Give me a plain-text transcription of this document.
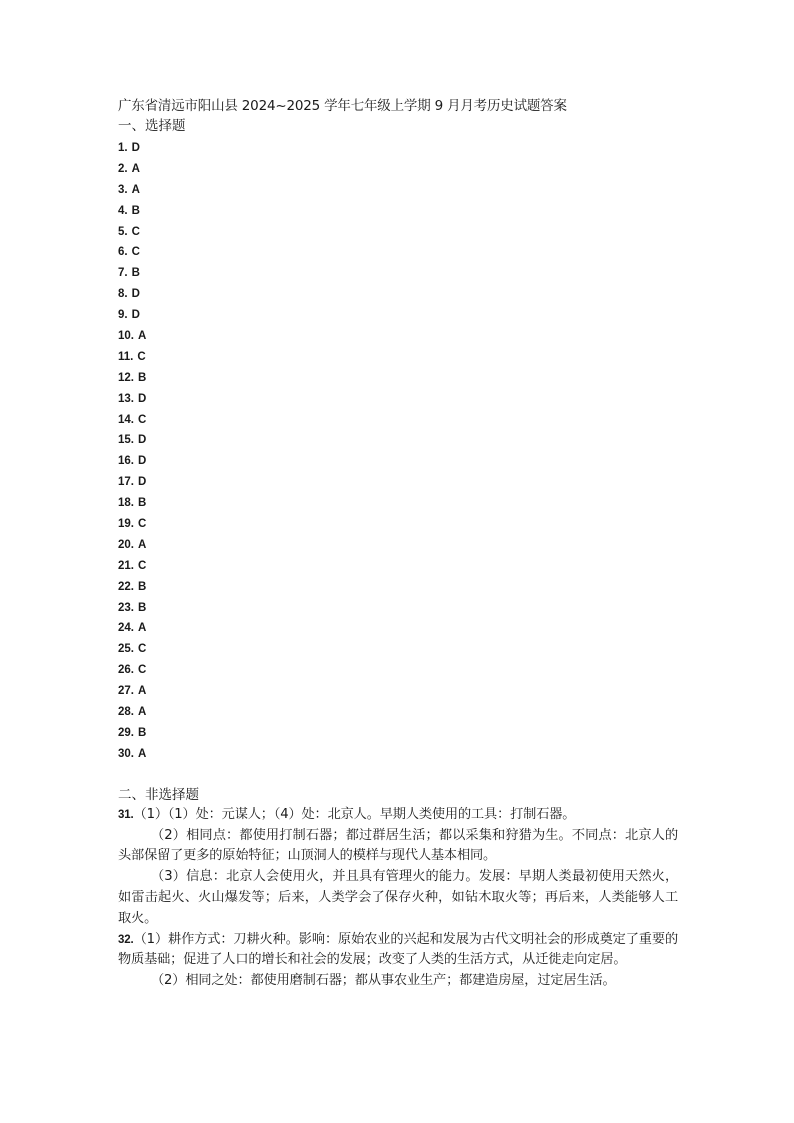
广东省清远市阳山县 2024~2025 学年七年级上学期 9 月月考历史试题答案
一、选择题
1. D
2. A
3. A
4. B
5. C
6. C
7. B
8. D
9. D
10. A
11. C
12. B
13. D
14. C
15. D
16. D
17. D
18. B
19. C
20. A
21. C
22. B
23. B
24. A
25. C
26. C
27. A
28. A
29. B
30. A
二、非选择题
31.（1）（1）处：元谋人；（4）处：北京人。早期人类使用的工具：打制石器。
（2）相同点：都使用打制石器；都过群居生活；都以采集和狩猎为生。不同点：北京人的头部保留了更多的原始特征；山顶洞人的模样与现代人基本相同。
（3）信息：北京人会使用火，并且具有管理火的能力。发展：早期人类最初使用天然火，如雷击起火、火山爆发等；后来，人类学会了保存火种，如钻木取火等；再后来，人类能够人工取火。
32.（1）耕作方式：刀耕火种。影响：原始农业的兴起和发展为古代文明社会的形成奠定了重要的物质基础；促进了人口的增长和社会的发展；改变了人类的生活方式，从迁徙走向定居。
（2）相同之处：都使用磨制石器；都从事农业生产；都建造房屋，过定居生活。
